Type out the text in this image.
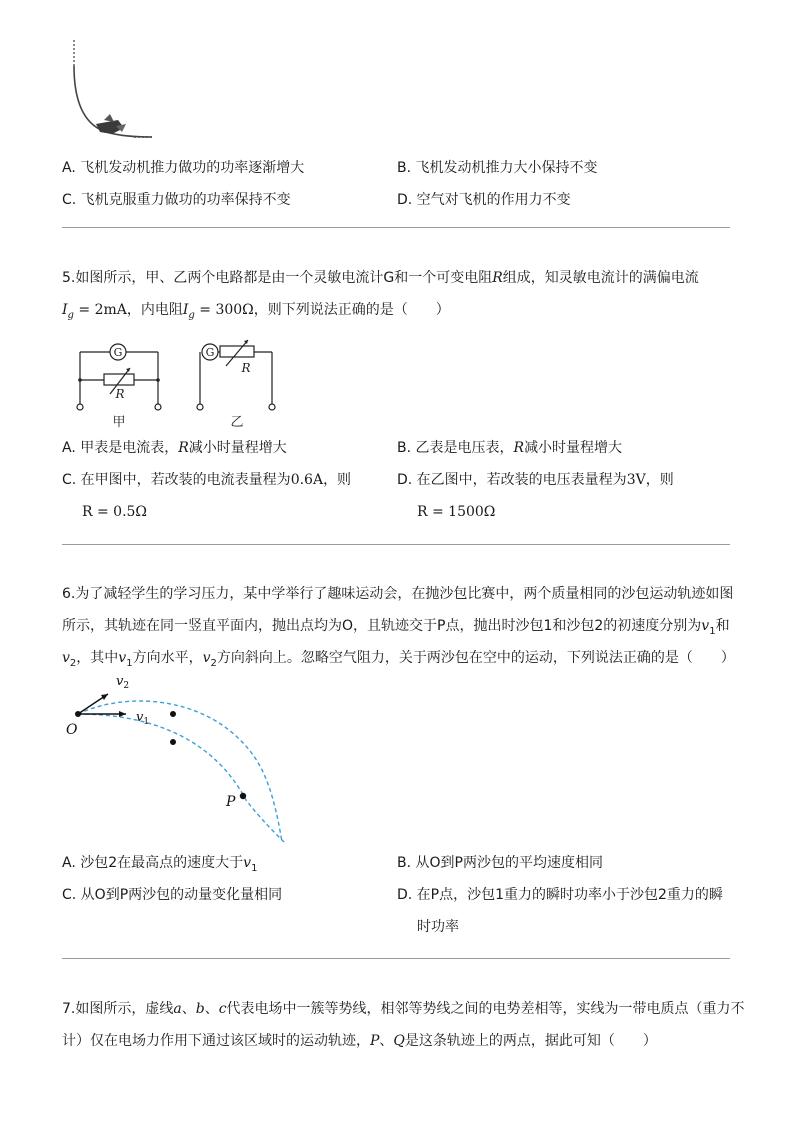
A. 飞机发动机推力做功的功率逐渐增大	B. 飞机发动机推力大小保持不变
C. 飞机克服重力做功的功率保持不变	D. 空气对飞机的作用力不变
5.如图所示，甲、乙两个电路都是由一个灵敏电流计G和一个可变电阻R组成，知灵敏电流计的满偏电流
$I_g = 2mA$，内电阻$I_g = 300\Omega$，则下列说法正确的是（　　）
G
R
甲
G
R
乙
A. 甲表是电流表，R减小时量程增大	B. 乙表是电压表，R减小时量程增大
C. 在甲图中，若改装的电流表量程为0.6A，则
R = 0.5Ω
D. 在乙图中，若改装的电压表量程为3V，则
R = 1500Ω
6.为了减轻学生的学习压力，某中学举行了趣味运动会，在抛沙包比赛中，两个质量相同的沙包运动轨迹如图
所示，其轨迹在同一竖直平面内，抛出点均为O，且轨迹交于P点，抛出时沙包1和沙包2的初速度分别为$v_1$和
$v_2$，其中$v_1$方向水平，$v_2$方向斜向上。忽略空气阻力，关于两沙包在空中的运动，下列说法正确的是（　　）
O
P
$v_2$
$v_1$
A. 沙包2在最高点的速度大于$v_1$	B. 从O到P两沙包的平均速度相同
C. 从O到P两沙包的动量变化量相同	D. 在P点，沙包1重力的瞬时功率小于沙包2重力的瞬
时功率
7.如图所示，虚线a、b、c代表电场中一簇等势线，相邻等势线之间的电势差相等，实线为一带电质点（重力不
计）仅在电场力作用下通过该区域时的运动轨迹，P、Q是这条轨迹上的两点，据此可知（　　）
